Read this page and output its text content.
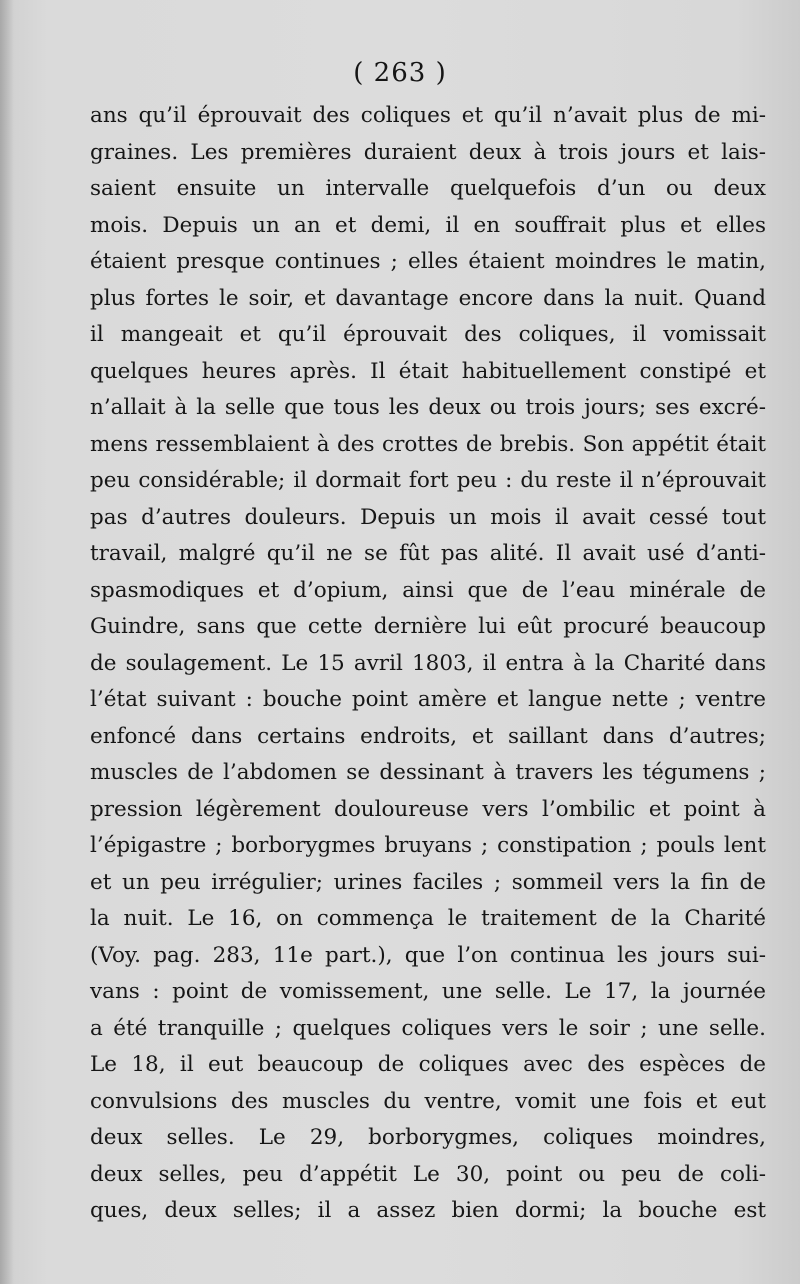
( 263 )
ans qu’il éprouvait des coliques et qu’il n’avait plus de mi-
graines. Les premières duraient deux à trois jours et lais-
saient ensuite un intervalle quelquefois d’un ou deux
mois. Depuis un an et demi, il en souffrait plus et elles
étaient presque continues ; elles étaient moindres le matin,
plus fortes le soir, et davantage encore dans la nuit. Quand
il mangeait et qu’il éprouvait des coliques, il vomissait
quelques heures après. Il était habituellement constipé et
n’allait à la selle que tous les deux ou trois jours; ses excré-
mens ressemblaient à des crottes de brebis. Son appétit était
peu considérable; il dormait fort peu : du reste il n’éprouvait
pas d’autres douleurs. Depuis un mois il avait cessé tout
travail, malgré qu’il ne se fût pas alité. Il avait usé d’anti-
spasmodiques et d’opium, ainsi que de l’eau minérale de
Guindre, sans que cette dernière lui eût procuré beaucoup
de soulagement. Le 15 avril 1803, il entra à la Charité dans
l’état suivant : bouche point amère et langue nette ; ventre
enfoncé dans certains endroits, et saillant dans d’autres;
muscles de l’abdomen se dessinant à travers les tégumens ;
pression légèrement douloureuse vers l’ombilic et point à
l’épigastre ; borborygmes bruyans ; constipation ; pouls lent
et un peu irrégulier; urines faciles ; sommeil vers la fin de
la nuit. Le 16, on commença le traitement de la Charité
(Voy. pag. 283, 11e part.), que l’on continua les jours sui-
vans : point de vomissement, une selle. Le 17, la journée
a été tranquille ; quelques coliques vers le soir ; une selle.
Le 18, il eut beaucoup de coliques avec des espèces de
convulsions des muscles du ventre, vomit une fois et eut
deux selles. Le 29, borborygmes, coliques moindres,
deux selles, peu d’appétit Le 30, point ou peu de coli-
ques, deux selles; il a assez bien dormi; la bouche est
